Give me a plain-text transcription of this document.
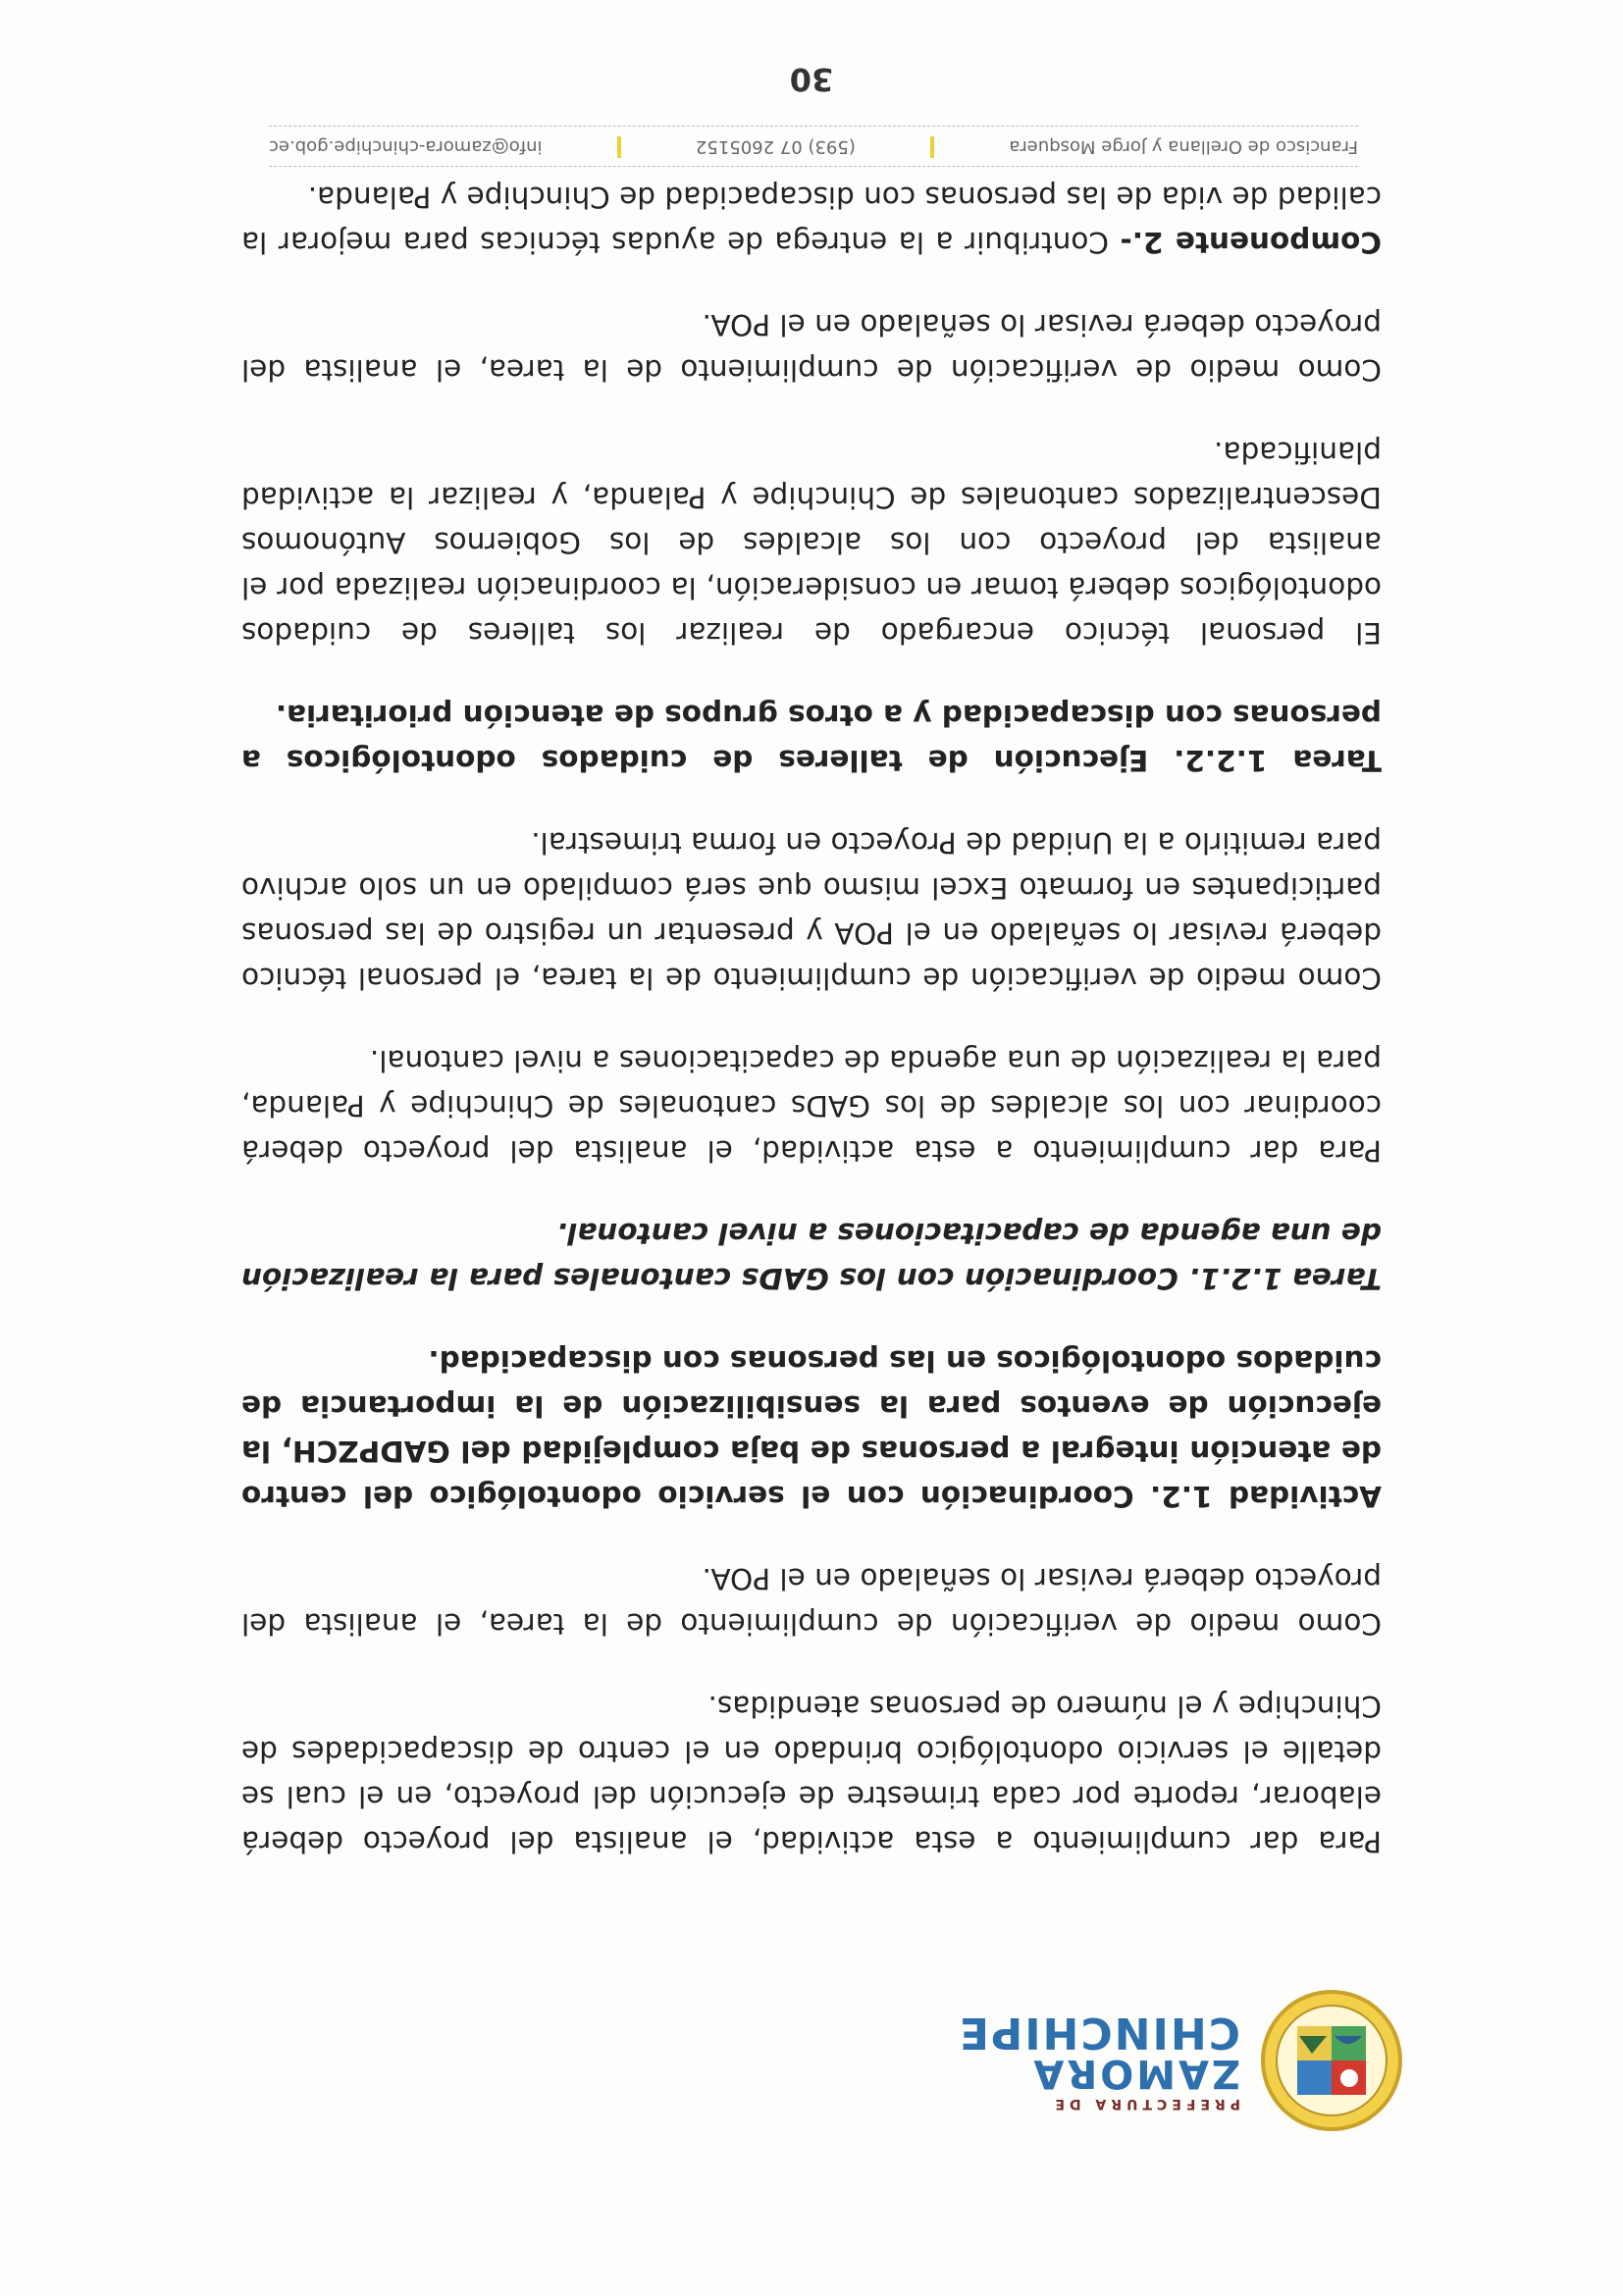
PREFECTURA DE
ZAMORA
CHINCHIPE

Para dar cumplimiento a esta actividad, el analista del proyecto deberá elaborar, reporte por cada trimestre de ejecución del proyecto, en el cual se detalle el servicio odontológico brindado en el centro de discapacidades de Chinchipe y el número de personas atendidas.

Como medio de verificación de cumplimiento de la tarea, el analista del proyecto deberá revisar lo señalado en el POA.

Actividad 1.2. Coordinación con el servicio odontológico del centro de atención integral a personas de baja complejidad del GADPZCH, la ejecución de eventos para la sensibilización de la importancia de cuidados odontológicos en las personas con discapacidad.

Tarea 1.2.1. Coordinación con los GADs cantonales para la realización de una agenda de capacitaciones a nivel cantonal.

Para dar cumplimiento a esta actividad, el analista del proyecto deberá coordinar con los alcaldes de los GADs cantonales de Chinchipe y Palanda, para la realización de una agenda de capacitaciones a nivel cantonal.

Como medio de verificación de cumplimiento de la tarea, el personal técnico deberá revisar lo señalado en el POA y presentar un registro de las personas participantes en formato Excel mismo que será compilado en un solo archivo para remitirlo a la Unidad de Proyecto en forma trimestral.

Tarea 1.2.2. Ejecución de talleres de cuidados odontológicos a personas con discapacidad y a otros grupos de atención prioritaria.

El personal técnico encargado de realizar los talleres de cuidados odontológicos deberá tomar en consideración, la coordinación realizada por el analista del proyecto con los alcaldes de los Gobiernos Autónomos Descentralizados cantonales de Chinchipe y Palanda, y realizar la actividad planificada.

Como medio de verificación de cumplimiento de la tarea, el analista del proyecto deberá revisar lo señalado en el POA.

Componente 2.- Contribuir a la entrega de ayudas técnicas para mejorar la calidad de vida de las personas con discapacidad de Chinchipe y Palanda.

Francisco de Orellana y Jorge Mosquera
(593) 07 2605152
info@zamora-chinchipe.gob.ec
30
